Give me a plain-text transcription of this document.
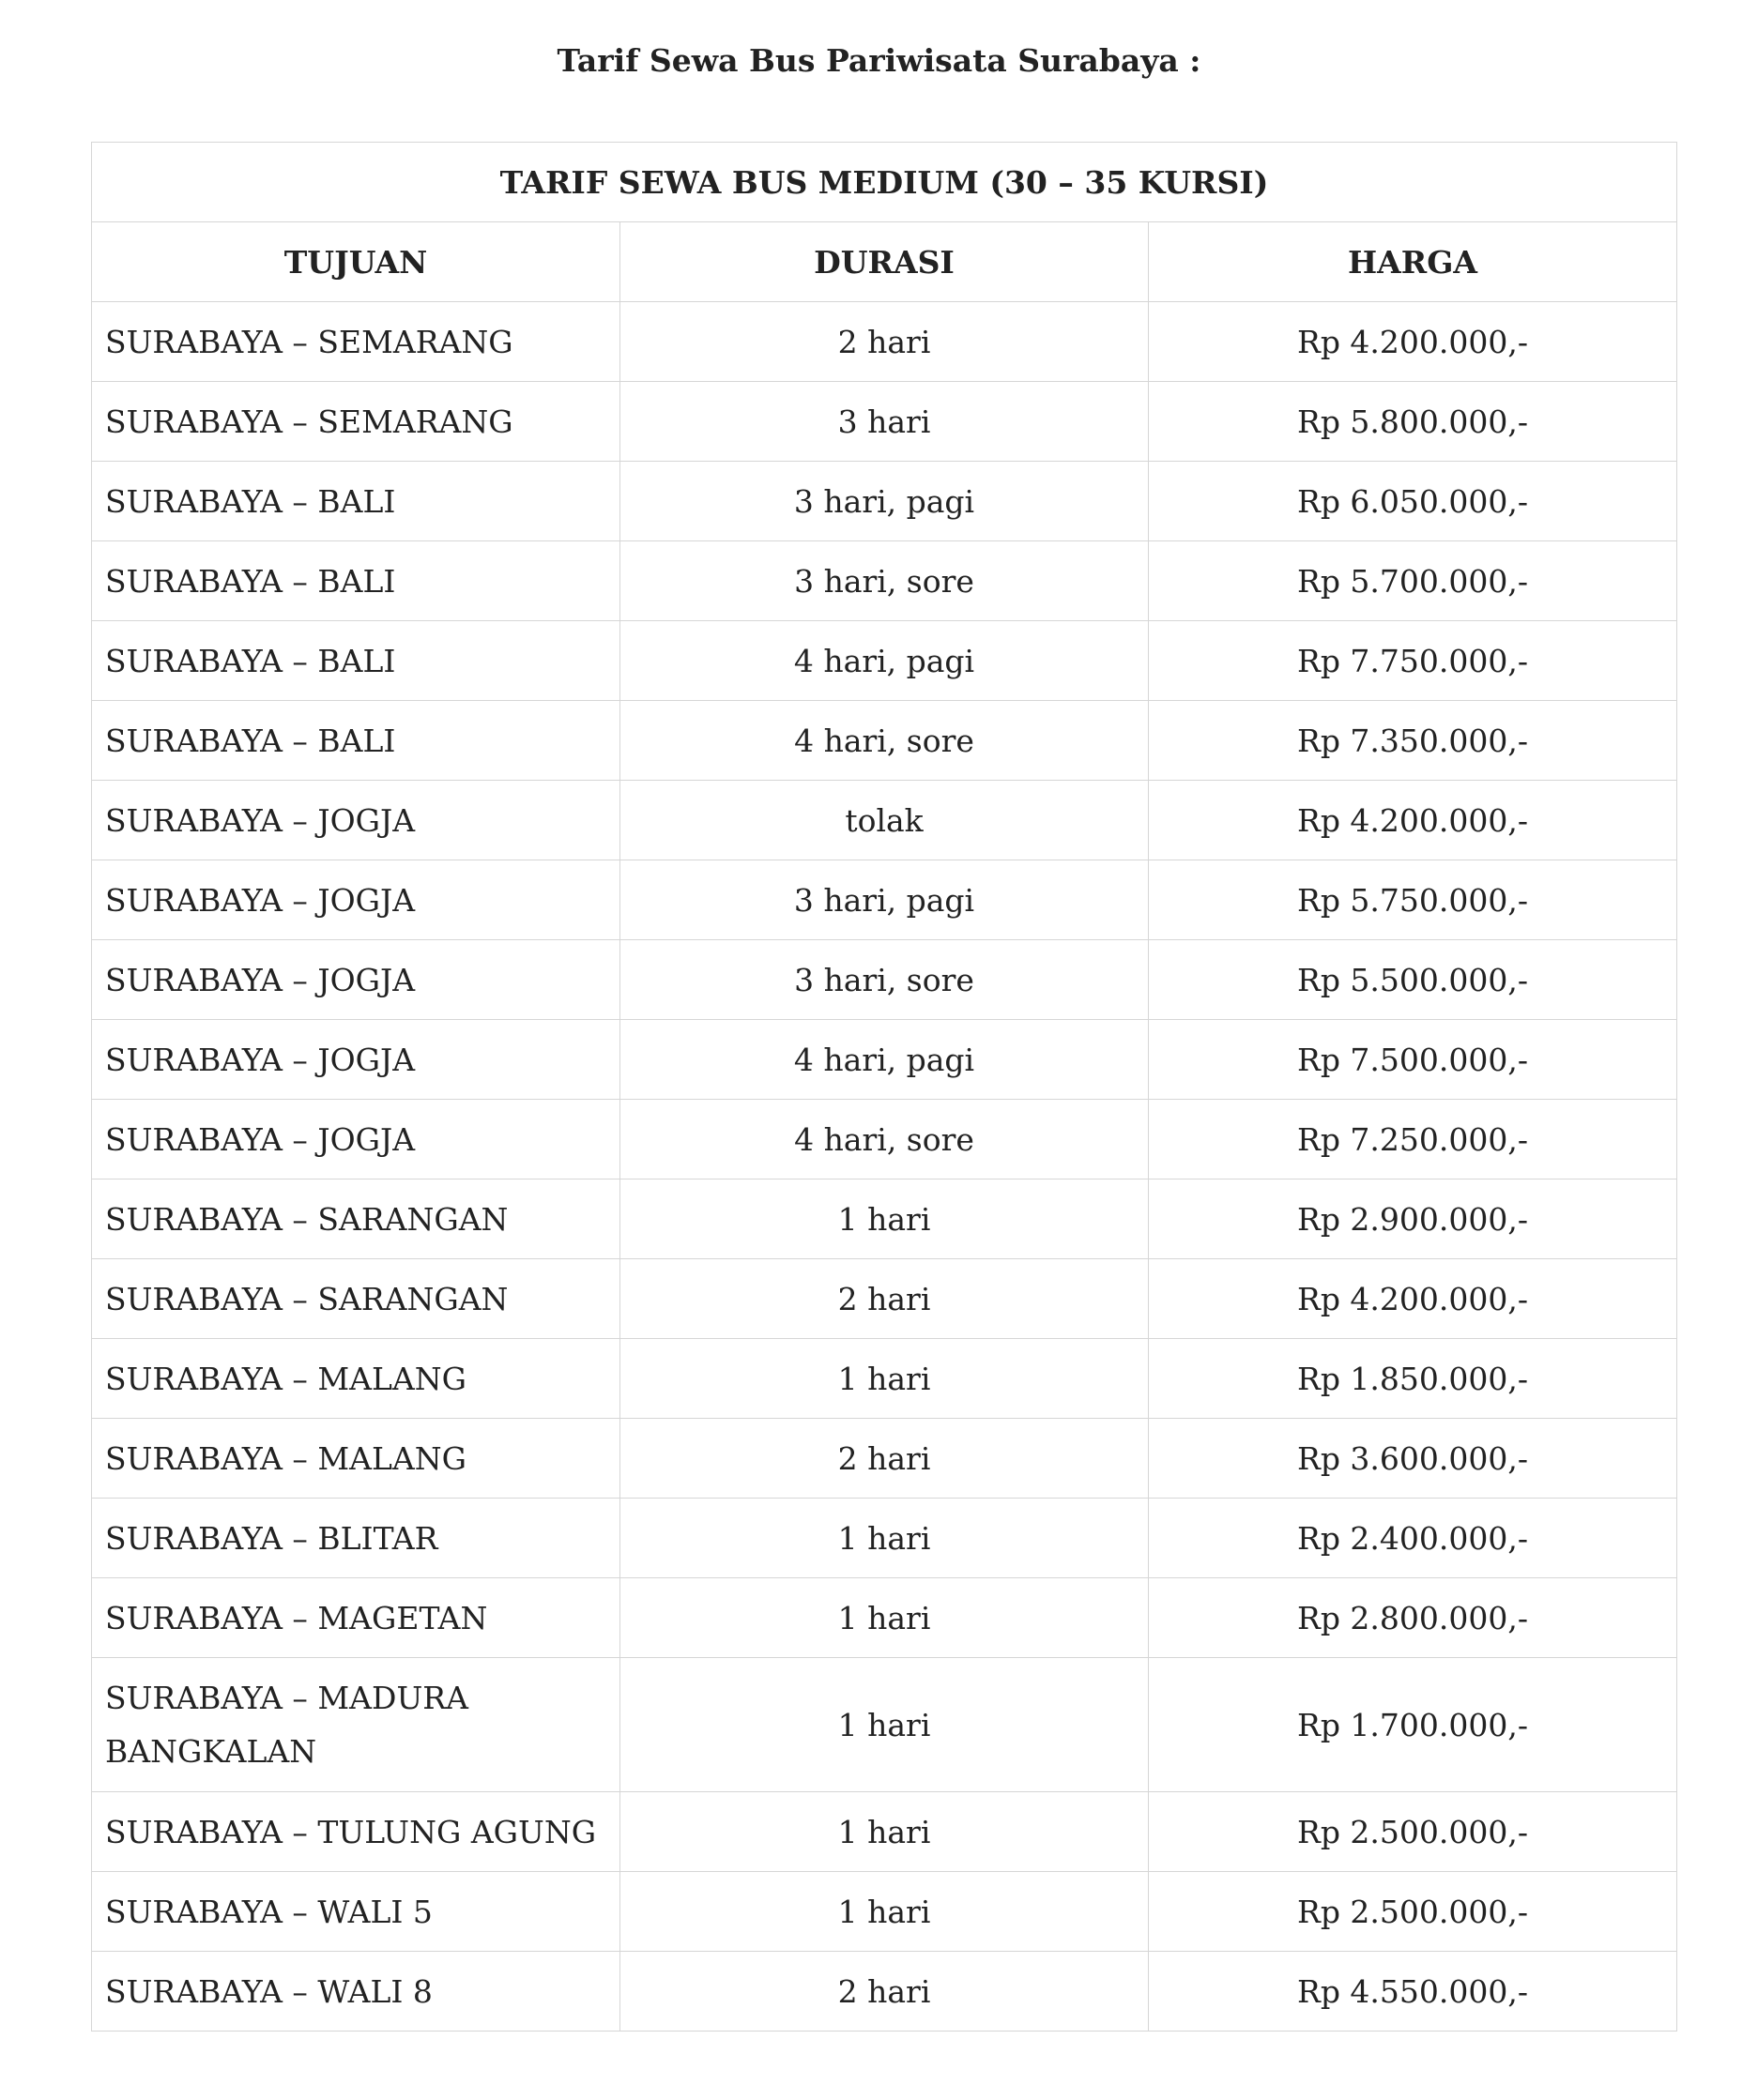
Tarif Sewa Bus Pariwisata Surabaya :
TARIF SEWA BUS MEDIUM (30 – 35 KURSI)		
TUJUAN	DURASI	HARGA
SURABAYA – SEMARANG	2 hari	Rp 4.200.000,-
SURABAYA – SEMARANG	3 hari	Rp 5.800.000,-
SURABAYA – BALI	3 hari, pagi	Rp 6.050.000,-
SURABAYA – BALI	3 hari, sore	Rp 5.700.000,-
SURABAYA – BALI	4 hari, pagi	Rp 7.750.000,-
SURABAYA – BALI	4 hari, sore	Rp 7.350.000,-
SURABAYA – JOGJA	tolak	Rp 4.200.000,-
SURABAYA – JOGJA	3 hari, pagi	Rp 5.750.000,-
SURABAYA – JOGJA	3 hari, sore	Rp 5.500.000,-
SURABAYA – JOGJA	4 hari, pagi	Rp 7.500.000,-
SURABAYA – JOGJA	4 hari, sore	Rp 7.250.000,-
SURABAYA – SARANGAN	1 hari	Rp 2.900.000,-
SURABAYA – SARANGAN	2 hari	Rp 4.200.000,-
SURABAYA – MALANG	1 hari	Rp 1.850.000,-
SURABAYA – MALANG	2 hari	Rp 3.600.000,-
SURABAYA – BLITAR	1 hari	Rp 2.400.000,-
SURABAYA – MAGETAN	1 hari	Rp 2.800.000,-
SURABAYA – MADURA BANGKALAN	1 hari	Rp 1.700.000,-
SURABAYA – TULUNG AGUNG	1 hari	Rp 2.500.000,-
SURABAYA – WALI 5	1 hari	Rp 2.500.000,-
SURABAYA – WALI 8	2 hari	Rp 4.550.000,-
